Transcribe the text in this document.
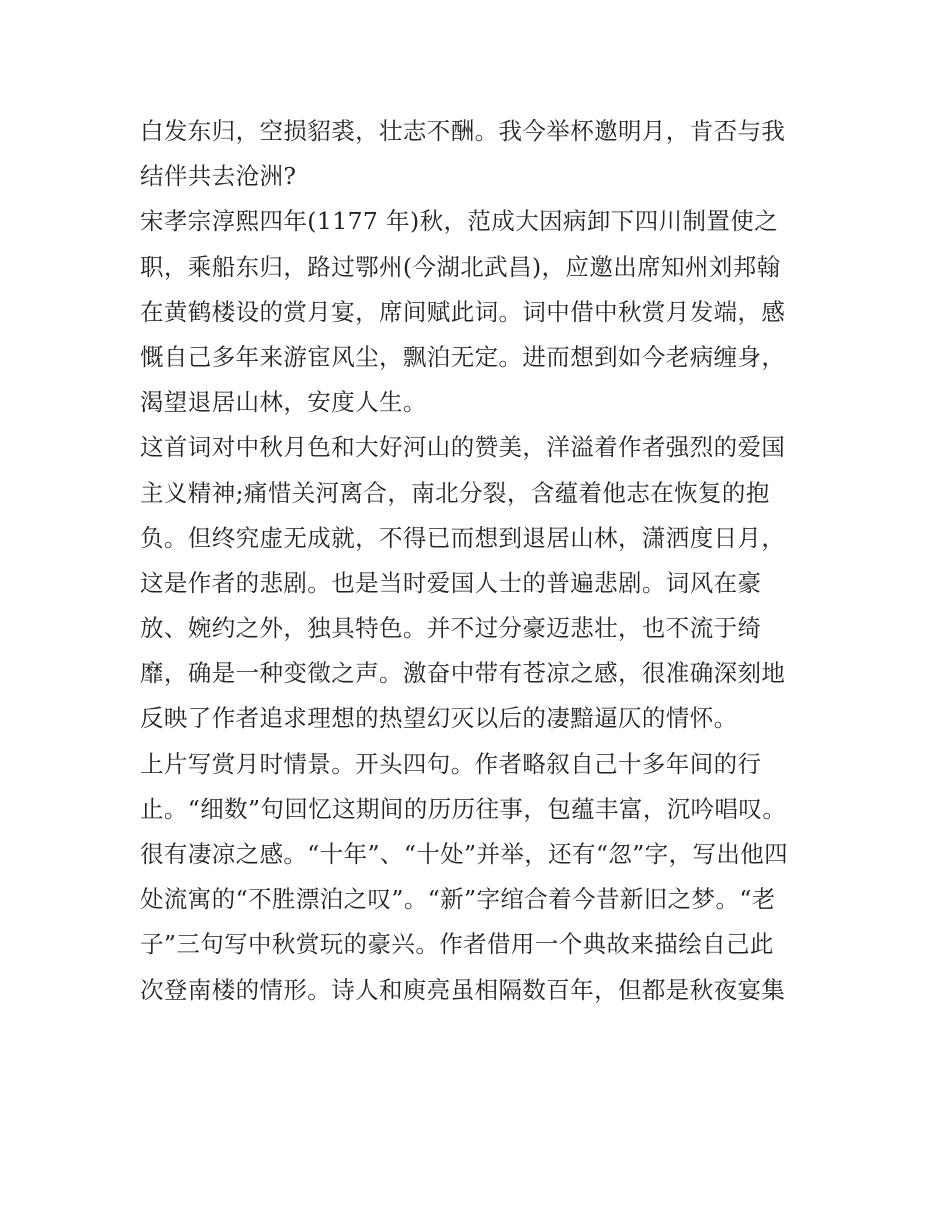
白发东归，空损貂裘，壮志不酬。我今举杯邀明月，肯否与我
结伴共去沧洲?
宋孝宗淳熙四年(1177 年)秋，范成大因病卸下四川制置使之
职，乘船东归，路过鄂州(今湖北武昌)，应邀出席知州刘邦翰
在黄鹤楼设的赏月宴，席间赋此词。词中借中秋赏月发端，感
慨自己多年来游宦风尘，飘泊无定。进而想到如今老病缠身，
渴望退居山林，安度人生。
这首词对中秋月色和大好河山的赞美，洋溢着作者强烈的爱国
主义精神;痛惜关河离合，南北分裂，含蕴着他志在恢复的抱
负。但终究虚无成就，不得已而想到退居山林，潇洒度日月，
这是作者的悲剧。也是当时爱国人士的普遍悲剧。词风在豪
放、婉约之外，独具特色。并不过分豪迈悲壮，也不流于绮
靡，确是一种变徵之声。激奋中带有苍凉之感，很准确深刻地
反映了作者追求理想的热望幻灭以后的凄黯逼仄的情怀。
上片写赏月时情景。开头四句。作者略叙自己十多年间的行
止。“细数”句回忆这期间的历历往事，包蕴丰富，沉吟唱叹。
很有凄凉之感。“十年”、“十处”并举，还有“忽”字，写出他四
处流寓的“不胜漂泊之叹”。“新”字绾合着今昔新旧之梦。“老
子”三句写中秋赏玩的豪兴。作者借用一个典故来描绘自己此
次登南楼的情形。诗人和庾亮虽相隔数百年，但都是秋夜宴集
